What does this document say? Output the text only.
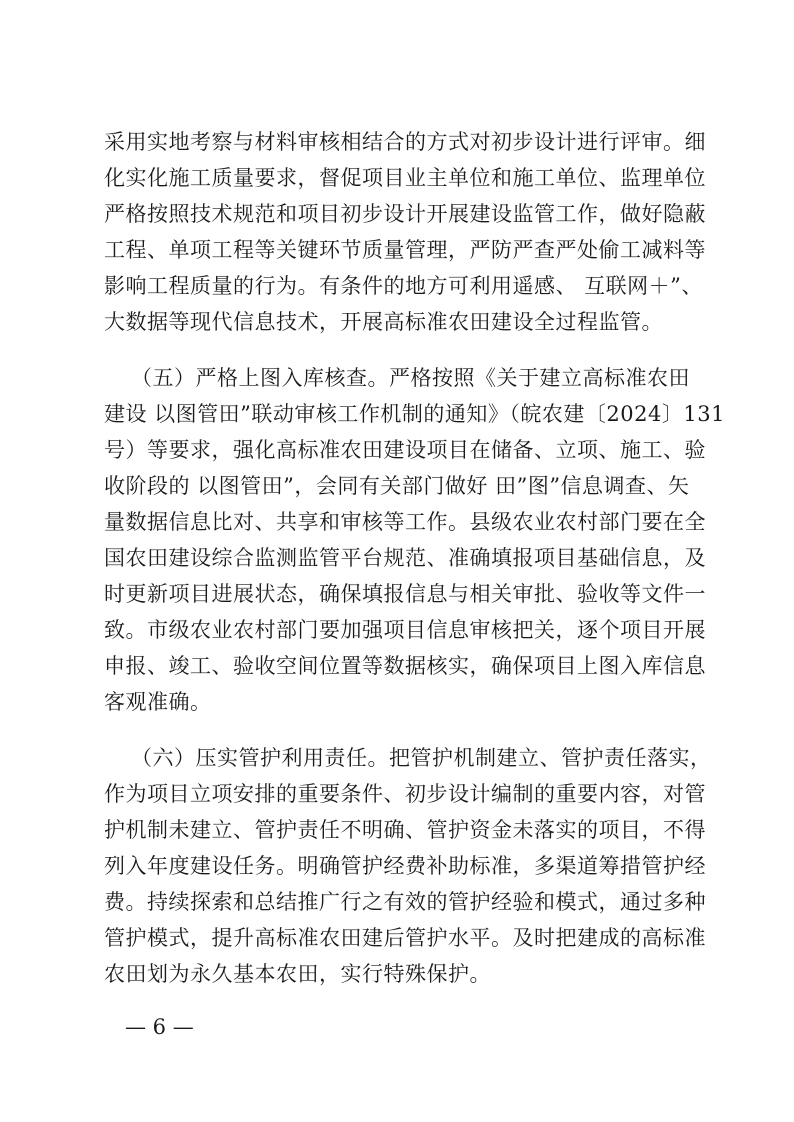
采用实地考察与材料审核相结合的方式对初步设计进行评审。细
化实化施工质量要求，督促项目业主单位和施工单位、监理单位
严格按照技术规范和项目初步设计开展建设监管工作，做好隐蔽
工程、单项工程等关键环节质量管理，严防严查严处偷工减料等
影响工程质量的行为。有条件的地方可利用遥感、 互联网＋”、
大数据等现代信息技术，开展高标准农田建设全过程监管。
（五）严格上图入库核查。严格按照《关于建立高标准农田
建设 以图管田”联动审核工作机制的通知》（皖农建〔2024〕131
号）等要求，强化高标准农田建设项目在储备、立项、施工、验
收阶段的 以图管田”，会同有关部门做好 田”图”信息调查、矢
量数据信息比对、共享和审核等工作。县级农业农村部门要在全
国农田建设综合监测监管平台规范、准确填报项目基础信息，及
时更新项目进展状态，确保填报信息与相关审批、验收等文件一
致。市级农业农村部门要加强项目信息审核把关，逐个项目开展
申报、竣工、验收空间位置等数据核实，确保项目上图入库信息
客观准确。
（六）压实管护利用责任。把管护机制建立、管护责任落实，
作为项目立项安排的重要条件、初步设计编制的重要内容，对管
护机制未建立、管护责任不明确、管护资金未落实的项目，不得
列入年度建设任务。明确管护经费补助标准，多渠道筹措管护经
费。持续探索和总结推广行之有效的管护经验和模式，通过多种
管护模式，提升高标准农田建后管护水平。及时把建成的高标准
农田划为永久基本农田，实行特殊保护。
— 6 —
